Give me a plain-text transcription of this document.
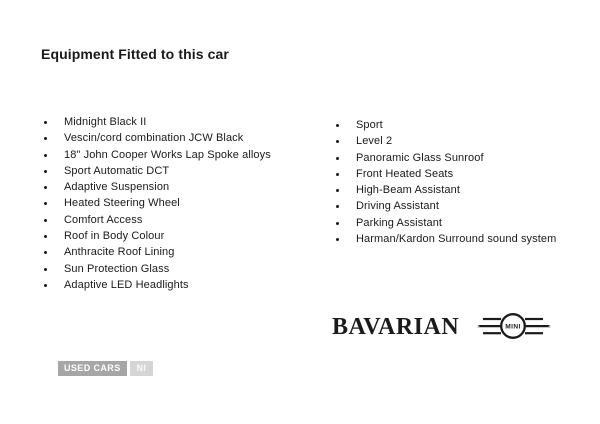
Equipment Fitted to this car
Midnight Black II
Vescin/cord combination JCW Black
18" John Cooper Works Lap Spoke alloys
Sport Automatic DCT
Adaptive Suspension
Heated Steering Wheel
Comfort Access
Roof in Body Colour
Anthracite Roof Lining
Sun Protection Glass
Adaptive LED Headlights
Sport
Level 2
Panoramic Glass Sunroof
Front Heated Seats
High-Beam Assistant
Driving Assistant
Parking Assistant
Harman/Kardon Surround sound system
BAVARIAN	MINI
USED CARS	NI
